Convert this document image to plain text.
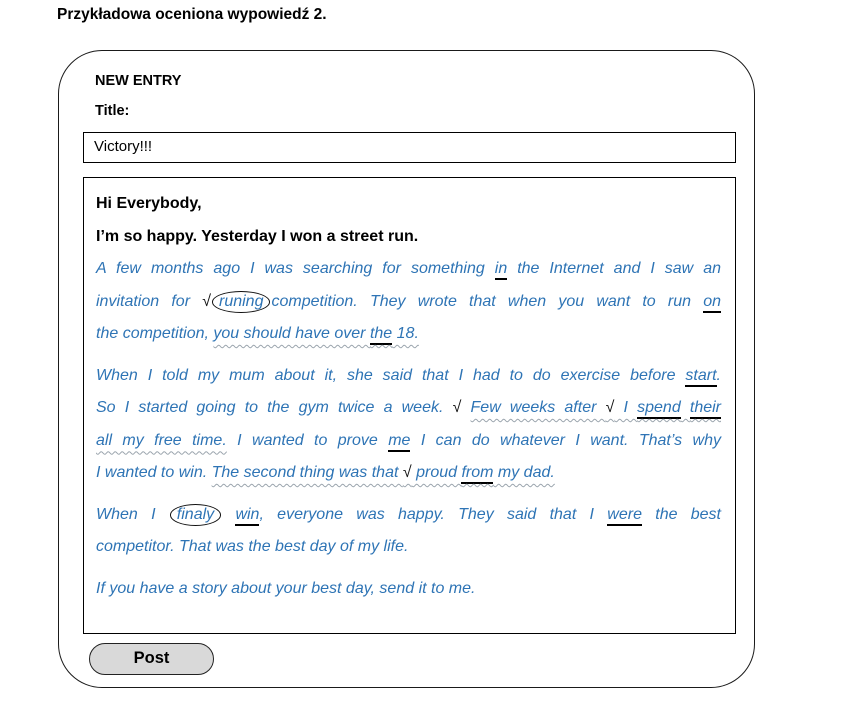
Przykładowa oceniona wypowiedź 2.
NEW ENTRY
Title:
Victory!!!
Hi Everybody,
I’m so happy. Yesterday I won a street run.
A few months ago I was searching for something in the Internet and I saw an
invitation for √ runing competition. They wrote that when you want to run on
the competition, you should have over the 18.
When I told my mum about it, she said that I had to do exercise before start.
So I started going to the gym twice a week. √ Few weeks after √ I spend their
all my free time. I wanted to prove me I can do whatever I want. That’s why
I wanted to win. The second thing was that √ proud from my dad.
When I finaly win, everyone was happy. They said that I were the best
competitor. That was the best day of my life.
If you have a story about your best day, send it to me.
Post
